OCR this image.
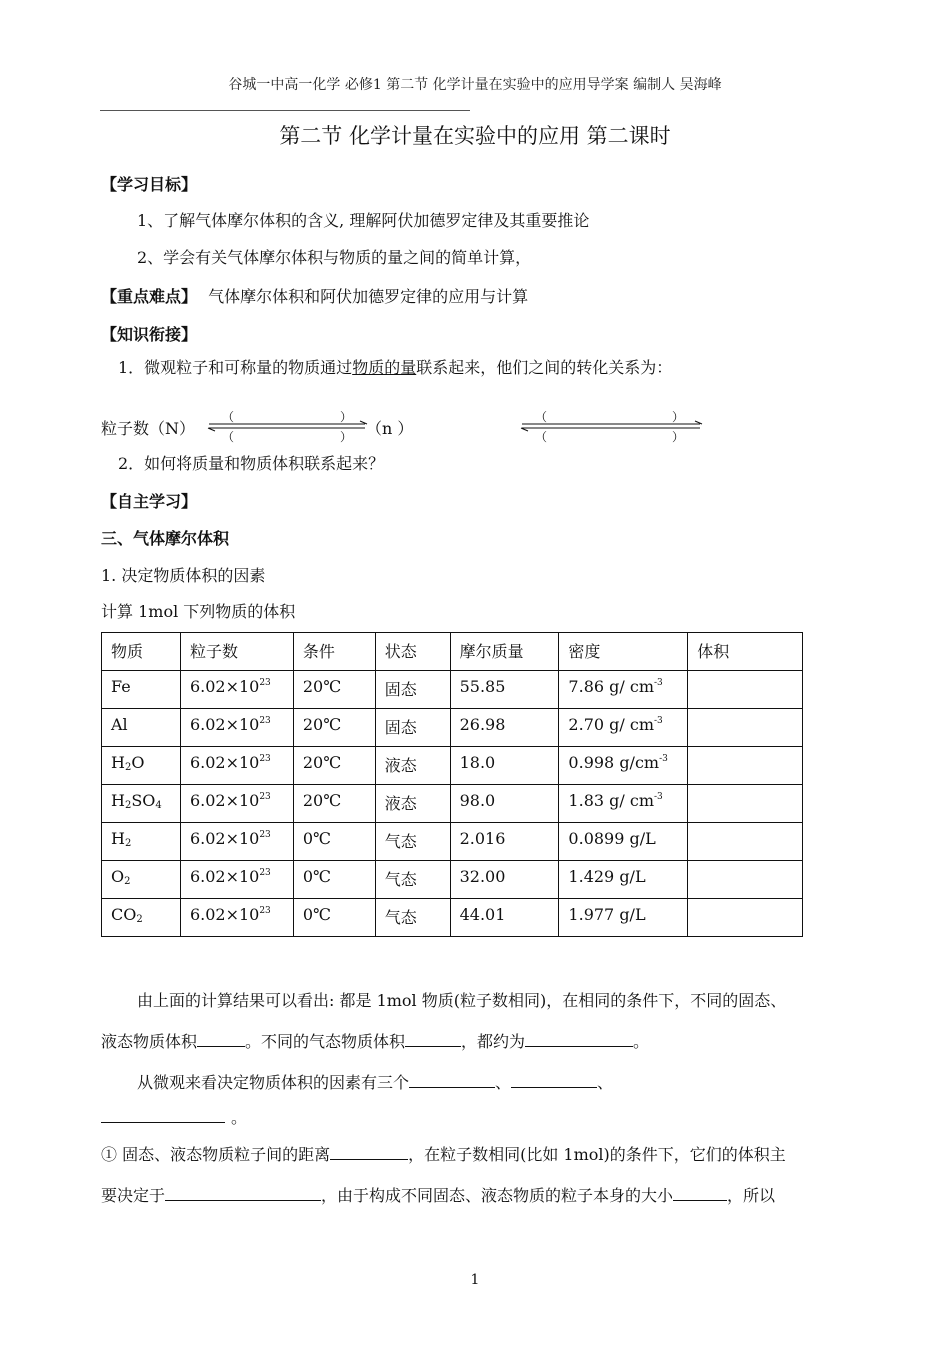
谷城一中高一化学 必修1 第二节 化学计量在实验中的应用导学案 编制人 吴海峰
第二节 化学计量在实验中的应用 第二课时
【学习目标】
1、了解气体摩尔体积的含义, 理解阿伏加德罗定律及其重要推论
2、学会有关气体摩尔体积与物质的量之间的简单计算，
【重点难点】 气体摩尔体积和阿伏加德罗定律的应用与计算
【知识衔接】
1．微观粒子和可称量的物质通过物质的量联系起来，他们之间的转化关系为：
粒子数（N）
（	）
（	） （n ）
（	）
（	）
2．如何将质量和物质体积联系起来？
【自主学习】
三、气体摩尔体积
1. 决定物质体积的因素
计算 1mol 下列物质的体积
物质	粒子数	条件	状态	摩尔质量	密度	体积
Fe	$6.02\times 10^{23}$	20℃	固态	55.85	7.86 g/ $cm^{-3}$	
Al	$6.02\times 10^{23}$	20℃	固态	26.98	2.70 g/ $cm^{-3}$	
$H_2O$	$6.02\times 10^{23}$	20℃	液态	18.0	0.998 $g/cm^{-3}$	
$H_2SO_4$	$6.02\times 10^{23}$	20℃	液态	98.0	1.83 g/ $cm^{-3}$	
$H_2$	$6.02\times 10^{23}$	0℃	气态	2.016	0.0899 g/L	
$O_2$	$6.02\times 10^{23}$	0℃	气态	32.00	1.429 g/L	
$CO_2$	$6.02\times 10^{23}$	0℃	气态	44.01	1.977 g/L	
由上面的计算结果可以看出: 都是 1mol 物质(粒子数相同)，在相同的条件下，不同的固态、
液态物质体积	。不同的气态物质体积	，都约为	。
从微观来看决定物质体积的因素有三个	、	、
。
① 固态、液态物质粒子间的距离	，在粒子数相同(比如 1mol)的条件下，它们的体积主
要决定于	，由于构成不同固态、液态物质的粒子本身的大小	，所以
1
